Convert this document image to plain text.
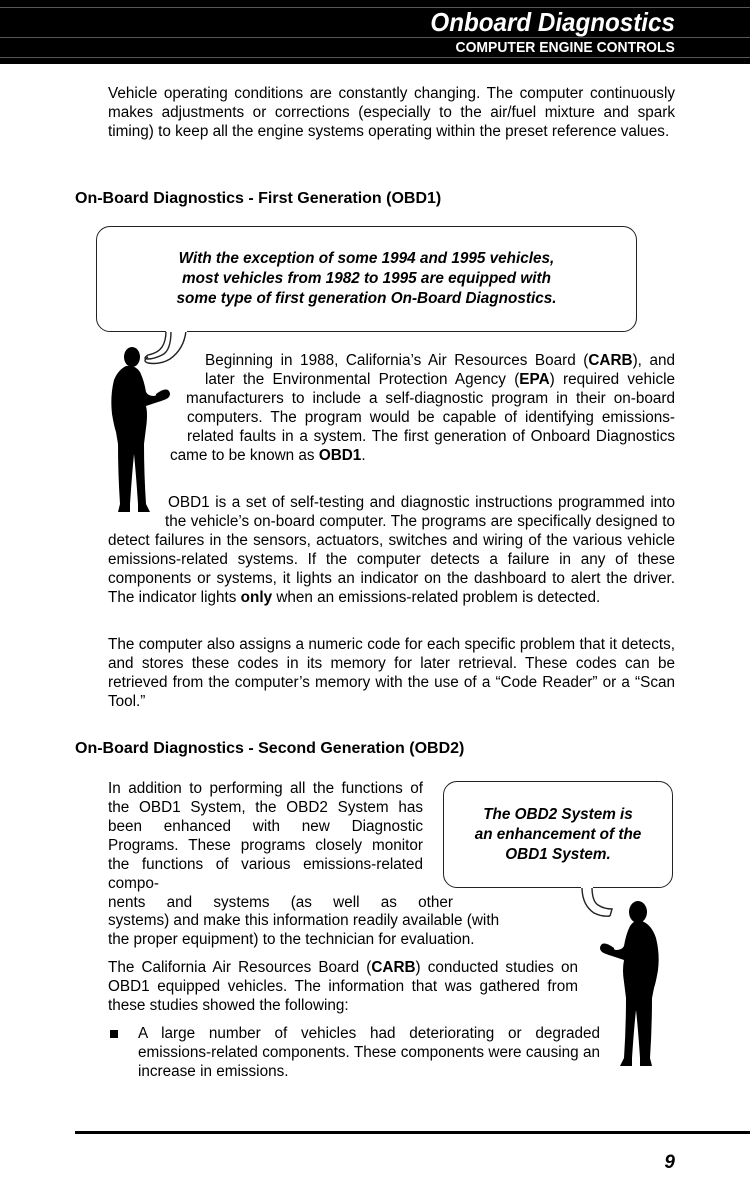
Onboard Diagnostics
COMPUTER ENGINE CONTROLS

Vehicle operating conditions are constantly changing. The computer continuously makes adjustments or corrections (especially to the air/fuel mixture and spark timing) to keep all the engine systems operating within the preset reference values.

On-Board Diagnostics - First Generation (OBD1)
With the exception of some 1994 and 1995 vehicles,
most vehicles from 1982 to 1995 are equipped with
some type of first generation On-Board Diagnostics.
Beginning in 1988, California’s Air Resources Board (CARB), and later the Environmental Protection Agency (EPA) required vehicle manufacturers to include a self-diagnostic program in their on-board computers. The program would be capable of identifying emissions-related faults in a system. The first generation of Onboard Diagnostics came to be known as OBD1.
OBD1 is a set of self-testing and diagnostic instructions programmed into the vehicle’s on-board computer. The programs are specifically designed to detect failures in the sensors, actuators, switches and wiring of the various vehicle emissions-related systems. If the computer detects a failure in any of these components or systems, it lights an indicator on the dashboard to alert the driver. The indicator lights only when an emissions-related problem is detected.

The computer also assigns a numeric code for each specific problem that it detects, and stores these codes in its memory for later retrieval. These codes can be retrieved from the computer’s memory with the use of a “Code Reader” or a “Scan Tool.”

On-Board Diagnostics - Second Generation (OBD2)

In addition to performing all the functions of the OBD1 System, the OBD2 System has been enhanced with new Diagnostic Programs. These programs closely monitor the functions of various emissions-related compo-

nents and systems (as well as other
systems) and make this information readily available (with
the proper equipment) to the technician for evaluation.
The OBD2 System is
an enhancement of the
OBD1 System.

The California Air Resources Board (CARB) conducted studies on OBD1 equipped vehicles. The information that was gathered from these studies showed the following:

A large number of vehicles had deteriorating or degraded emissions-related components. These components were causing an increase in emissions.

9
